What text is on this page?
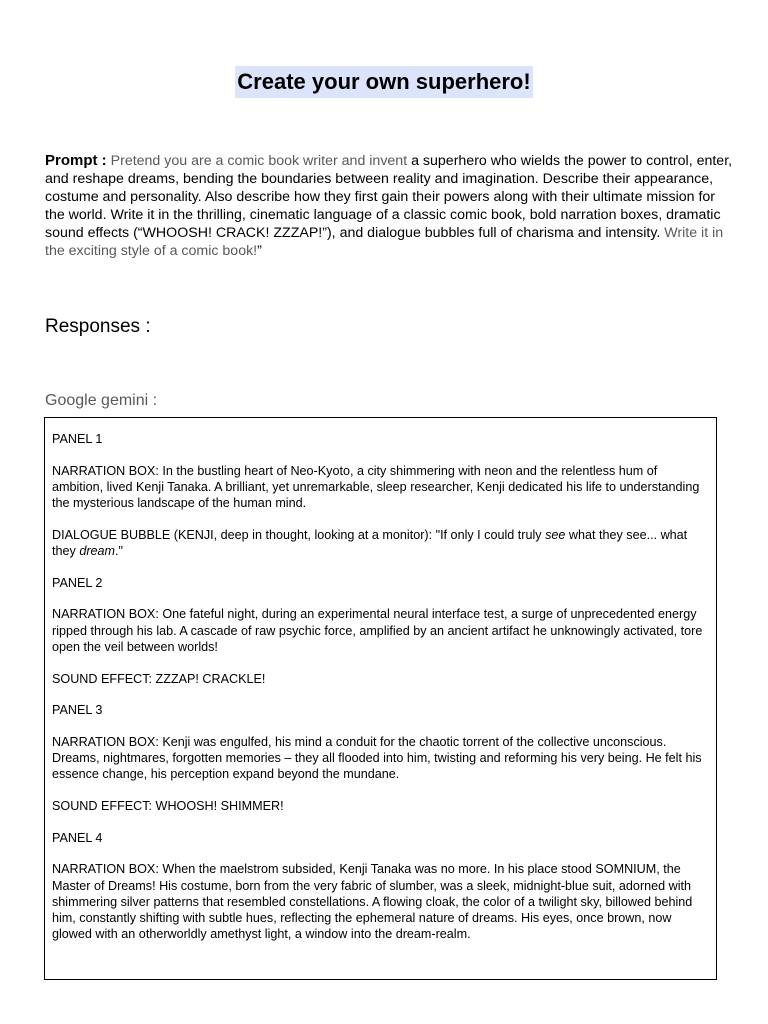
Create your own superhero!
Prompt : Pretend you are a comic book writer and invent a superhero who wields the power to control, enter, and reshape dreams, bending the boundaries between reality and imagination. Describe their appearance, costume and personality. Also describe how they first gain their powers along with their ultimate mission for the world. Write it in the thrilling, cinematic language of a classic comic book, bold narration boxes, dramatic sound effects (“WHOOSH! CRACK! ZZZAP!”), and dialogue bubbles full of charisma and intensity. Write it in the exciting style of a comic book!”
Responses :
Google gemini :

PANEL 1

NARRATION BOX: In the bustling heart of Neo-Kyoto, a city shimmering with neon and the relentless hum of ambition, lived Kenji Tanaka. A brilliant, yet unremarkable, sleep researcher, Kenji dedicated his life to understanding the mysterious landscape of the human mind.

DIALOGUE BUBBLE (KENJI, deep in thought, looking at a monitor): "If only I could truly see what they see... what they dream."

PANEL 2

NARRATION BOX: One fateful night, during an experimental neural interface test, a surge of unprecedented energy ripped through his lab. A cascade of raw psychic force, amplified by an ancient artifact he unknowingly activated, tore open the veil between worlds!

SOUND EFFECT: ZZZAP! CRACKLE!

PANEL 3

NARRATION BOX: Kenji was engulfed, his mind a conduit for the chaotic torrent of the collective unconscious. Dreams, nightmares, forgotten memories – they all flooded into him, twisting and reforming his very being. He felt his essence change, his perception expand beyond the mundane.

SOUND EFFECT: WHOOSH! SHIMMER!

PANEL 4

NARRATION BOX: When the maelstrom subsided, Kenji Tanaka was no more. In his place stood SOMNIUM, the Master of Dreams! His costume, born from the very fabric of slumber, was a sleek, midnight-blue suit, adorned with shimmering silver patterns that resembled constellations. A flowing cloak, the color of a twilight sky, billowed behind him, constantly shifting with subtle hues, reflecting the ephemeral nature of dreams. His eyes, once brown, now glowed with an otherworldly amethyst light, a window into the dream-realm.
